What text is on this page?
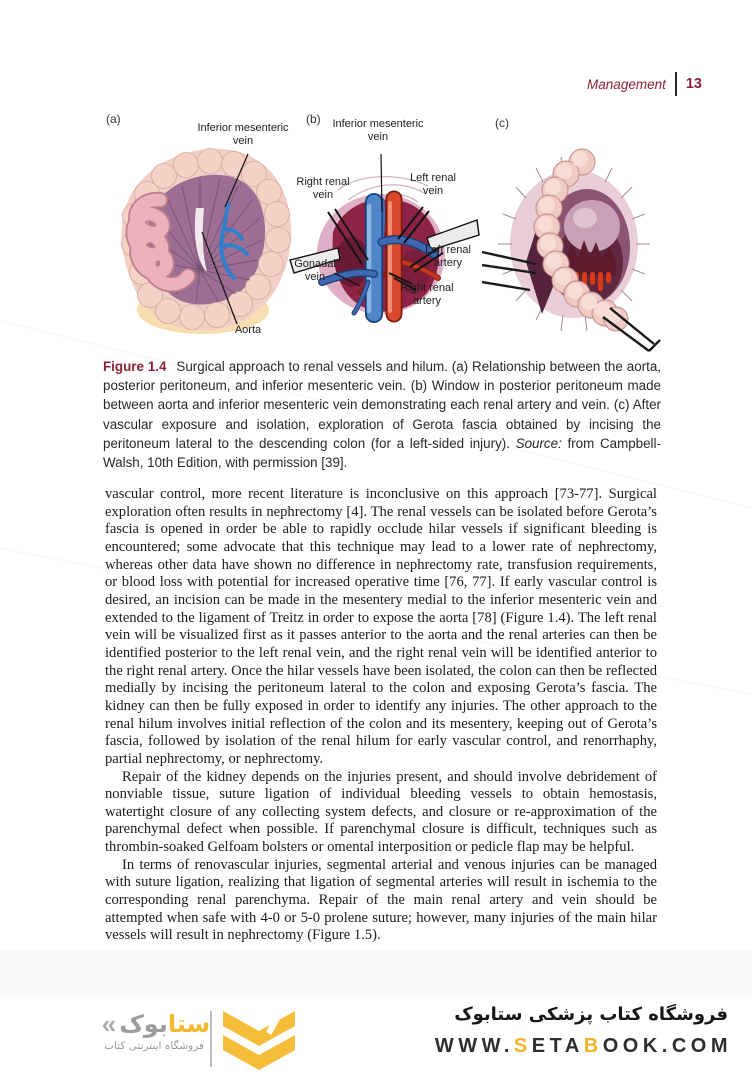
Management 13
(a)
Inferior mesenteric vein
Aorta
(b) Inferior mesenteric vein
Right renal vein
Left renal vein
Gonadal vein
Left renal artery
Right renal artery
(c)
Figure 1.4 Surgical approach to renal vessels and hilum. (a) Relationship between the aorta, posterior peritoneum, and inferior mesenteric vein. (b) Window in posterior peritoneum made between aorta and inferior mesenteric vein demonstrating each renal artery and vein. (c) After vascular exposure and isolation, exploration of Gerota fascia obtained by incising the peritoneum lateral to the descending colon (for a left-sided injury). Source: from Campbell-Walsh, 10th Edition, with permission [39].

vascular control, more recent literature is inconclusive on this approach [73-77]. Surgical exploration often results in nephrectomy [4]. The renal vessels can be isolated before Gerota’s fascia is opened in order be able to rapidly occlude hilar vessels if significant bleeding is encountered; some advocate that this technique may lead to a lower rate of nephrectomy, whereas other data have shown no difference in nephrectomy rate, transfusion requirements, or blood loss with potential for increased operative time [76, 77]. If early vascular control is desired, an incision can be made in the mesentery medial to the inferior mesenteric vein and extended to the ligament of Treitz in order to expose the aorta [78] (Figure 1.4). The left renal vein will be visualized first as it passes anterior to the aorta and the renal arteries can then be identified posterior to the left renal vein, and the right renal vein will be identified anterior to the right renal artery. Once the hilar vessels have been isolated, the colon can then be reflected medially by incising the peritoneum lateral to the colon and exposing Gerota’s fascia. The kidney can then be fully exposed in order to identify any injuries. The other approach to the renal hilum involves initial reflection of the colon and its mesentery, keeping out of Gerota’s fascia, followed by isolation of the renal hilum for early vascular control, and renorrhaphy, partial nephrectomy, or nephrectomy.

Repair of the kidney depends on the injuries present, and should involve debridement of nonviable tissue, suture ligation of individual bleeding vessels to obtain hemostasis, watertight closure of any collecting system defects, and closure or re-approximation of the parenchymal defect when possible. If parenchymal closure is difficult, techniques such as thrombin-soaked Gelfoam bolsters or omental interposition or pedicle flap may be helpful.

In terms of renovascular injuries, segmental arterial and venous injuries can be managed with suture ligation, realizing that ligation of segmental arteries will result in ischemia to the corresponding renal parenchyma. Repair of the main renal artery and vein should be attempted when safe with 4-0 or 5-0 prolene suture; however, many injuries of the main hilar vessels will result in nephrectomy (Figure 1.5).

«	ستابوک
فروشگاه اینترنتی کتاب
فروشگاه کتاب پزشکی ستابوک
WWW.SETABOOK.COM
